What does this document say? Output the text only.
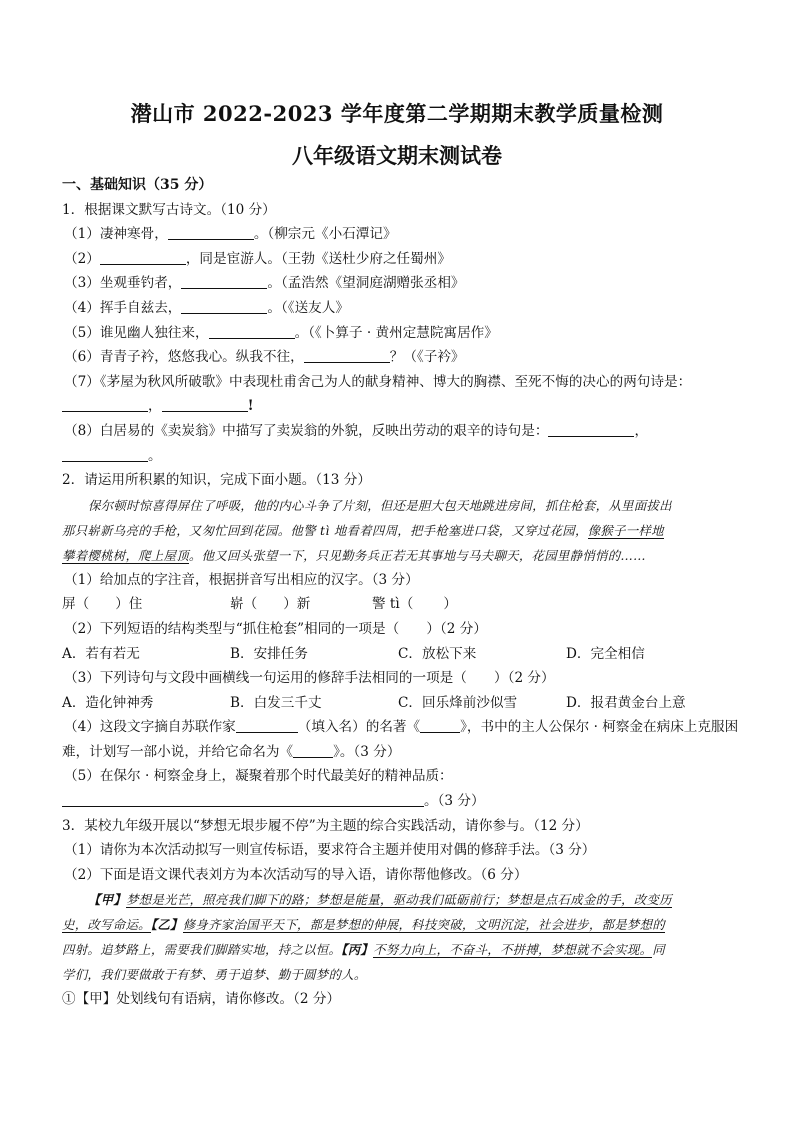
潜山市 2022-2023 学年度第二学期期末教学质量检测
八年级语文期末测试卷
一、基础知识（35 分）
1．根据课文默写古诗文。（10 分）
（1）凄神寒骨，	。（柳宗元《小石潭记》
（2）	，同是宦游人。（王勃《送杜少府之任蜀州》
（3）坐观垂钓者，	。（孟浩然《望洞庭湖赠张丞相》
（4）挥手自兹去，	。（《送友人》
（5）谁见幽人独往来，	。（《卜算子 · 黄州定慧院寓居作》
（6）青青子衿，悠悠我心。纵我不往，	？（《子衿》
（7）《茅屋为秋风所破歌》中表现杜甫舍己为人的献身精神、博大的胸襟、至死不悔的决心的两句诗是：
，	!
（8）白居易的《卖炭翁》中描写了卖炭翁的外貌，反映出劳动的艰辛的诗句是：	，
。
2．请运用所积累的知识，完成下面小题。（13 分）
保尔顿时惊喜得屏住了呼吸，他的内心斗争了片刻，但还是胆大包天地跳进房间，抓住枪套，从里面拔出
那只崭新乌亮的手枪，又匆忙回到花园。他警 tì 地看着四周，把手枪塞进口袋，又穿过花园，像猴子一样地
攀着樱桃树，爬上屋顶。他又回头张望一下，只见勤务兵正若无其事地与马夫聊天，花园里静悄悄的……
（1）给加点的字注音，根据拼音写出相应的汉字。（3 分）
屏（ ）住	崭（ ）新	警 tì（ ）
（2）下列短语的结构类型与“抓住枪套”相同的一项是（　　）（2 分）
A．若有若无	B．安排任务	C．放松下来	D．完全相信
（3）下列诗句与文段中画横线一句运用的修辞手法相同的一项是（　　）（2 分）
A．造化钟神秀	B．白发三千丈	C．回乐烽前沙似雪	D．报君黄金台上意
（4）这段文字摘自苏联作家	（填入名）的名著《	》，书中的主人公保尔 · 柯察金在病床上克服困
难，计划写一部小说，并给它命名为《	》。（3 分）
（5）在保尔 · 柯察金身上，凝聚着那个时代最美好的精神品质：
。（3 分）
3．某校九年级开展以“梦想无垠步履不停”为主题的综合实践活动，请你参与。（12 分）
（1）请你为本次活动拟写一则宣传标语，要求符合主题并使用对偶的修辞手法。（3 分）
（2）下面是语文课代表刘方为本次活动写的导入语，请你帮他修改。（6 分）
【甲】梦想是光芒，照亮我们脚下的路；梦想是能量，驱动我们砥砺前行；梦想是点石成金的手，改变历
史，改写命运。【乙】修身齐家治国平天下，都是梦想的伸展，科技突破，文明沉淀，社会进步，都是梦想的
四射。追梦路上，需要我们脚踏实地，持之以恒。【丙】不努力向上，不奋斗，不拼搏，梦想就不会实现。同
学们，我们要做敢于有梦、勇于追梦、勤于圆梦的人。
①【甲】处划线句有语病，请你修改。（2 分）
